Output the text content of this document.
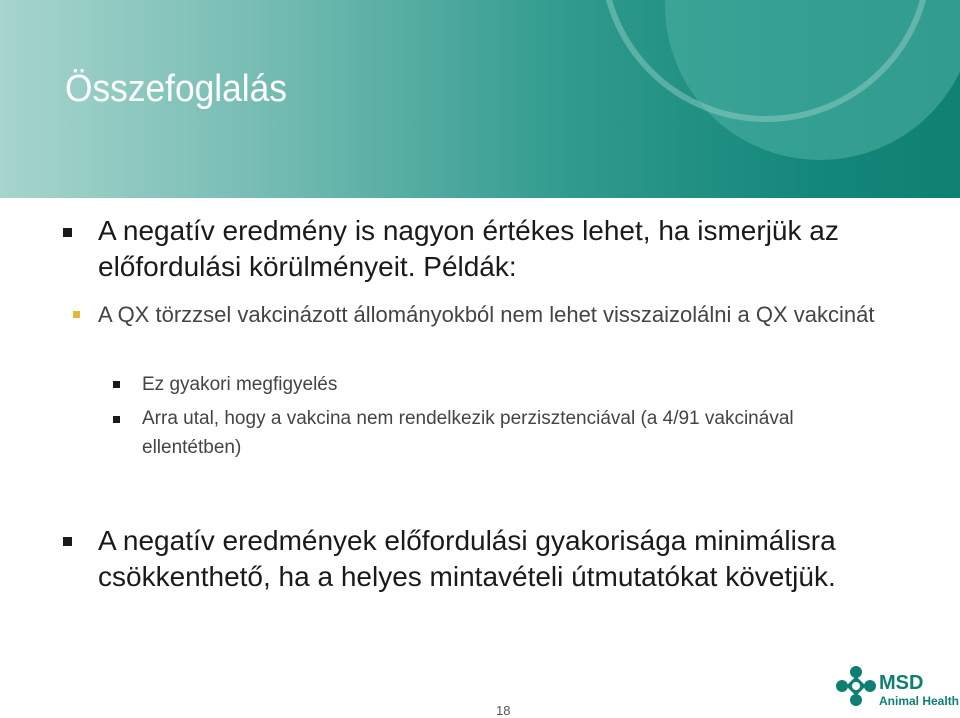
Összefoglalás
A negatív eredmény is nagyon értékes lehet, ha ismerjük az előfordulási körülményeit. Példák:
A QX törzzsel vakcinázott állományokból nem lehet visszaizolálni a QX vakcinát
Ez gyakori megfigyelés
Arra utal, hogy a vakcina nem rendelkezik perzisztenciával (a 4/91 vakcinával ellentétben)
A negatív eredmények előfordulási gyakorisága minimálisra csökkenthető, ha a helyes mintavételi útmutatókat követjük.
18
MSD
Animal Health
